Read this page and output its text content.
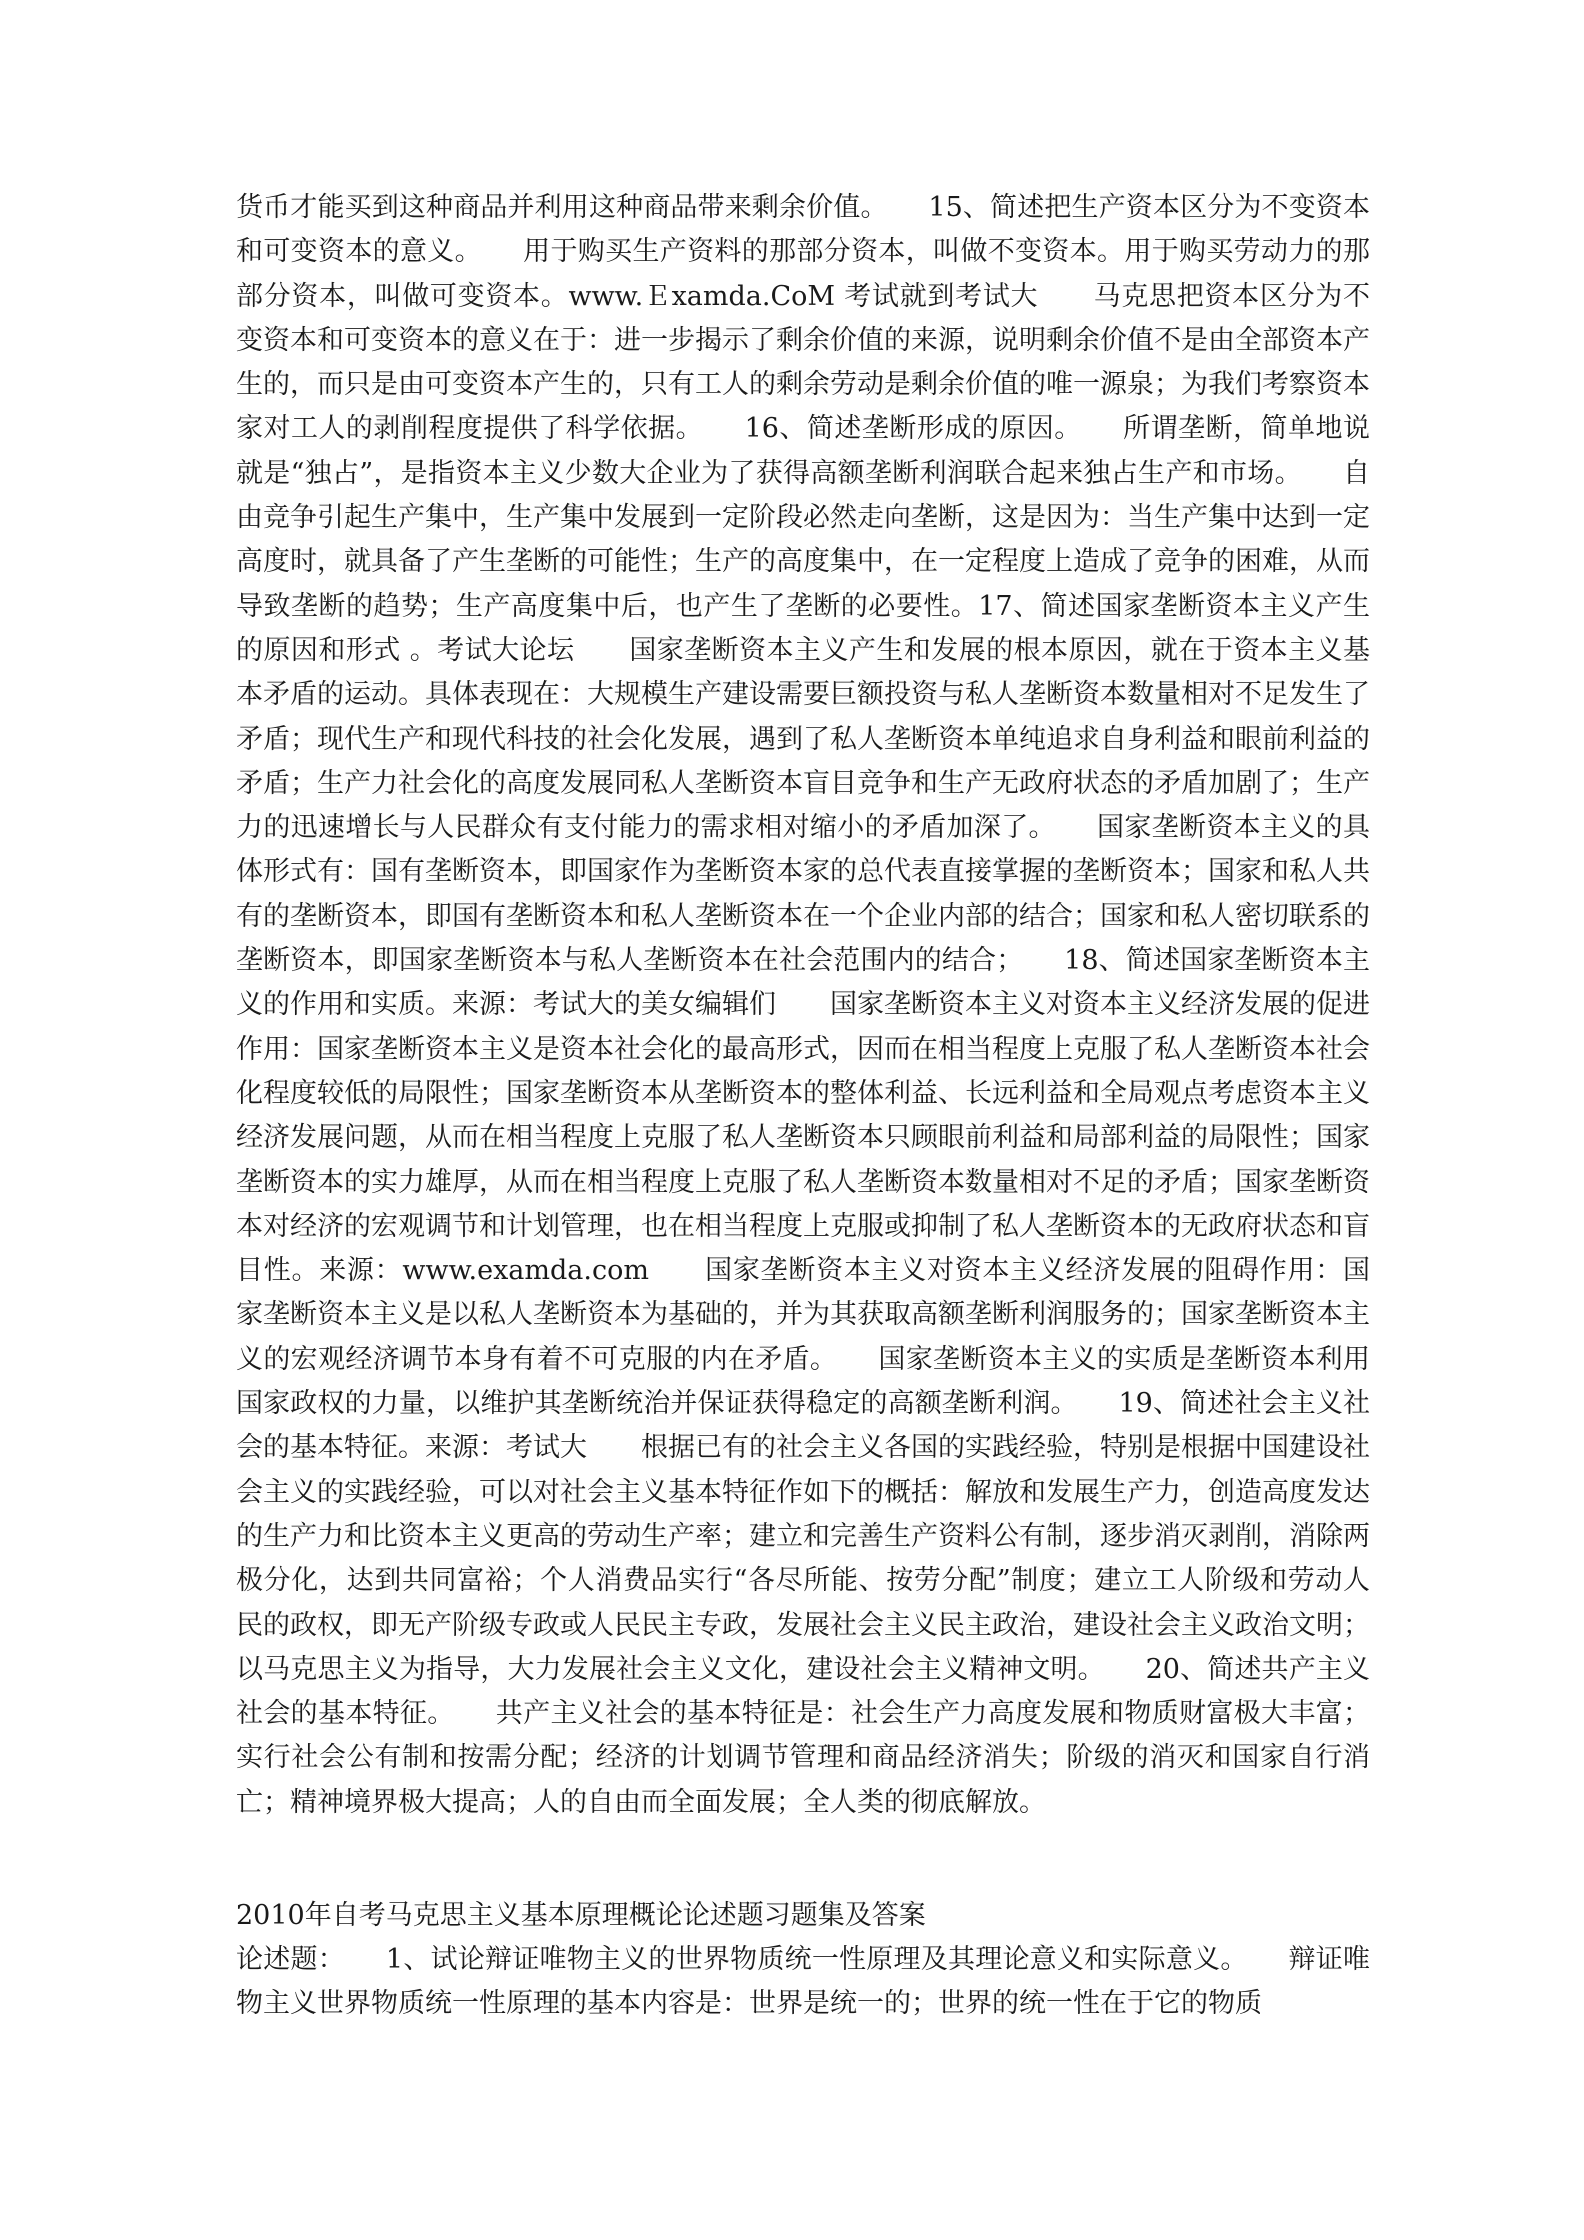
货币才能买到这种商品并利用这种商品带来剩余价值。　　15、简述把生产资本区分为不变资本和可变资本的意义。　　用于购买生产资料的那部分资本，叫做不变资本。用于购买劳动力的那部分资本，叫做可变资本。www.Ｅxamda.CoM 考试就到考试大　　马克思把资本区分为不变资本和可变资本的意义在于：进一步揭示了剩余价值的来源，说明剩余价值不是由全部资本产生的，而只是由可变资本产生的，只有工人的剩余劳动是剩余价值的唯一源泉；为我们考察资本家对工人的剥削程度提供了科学依据。　　16、简述垄断形成的原因。　　所谓垄断，简单地说就是“独占”，是指资本主义少数大企业为了获得高额垄断利润联合起来独占生产和市场。　　自由竞争引起生产集中，生产集中发展到一定阶段必然走向垄断，这是因为：当生产集中达到一定高度时，就具备了产生垄断的可能性；生产的高度集中，在一定程度上造成了竞争的困难，从而导致垄断的趋势；生产高度集中后，也产生了垄断的必要性。17、简述国家垄断资本主义产生的原因和形式 。考试大论坛　　国家垄断资本主义产生和发展的根本原因，就在于资本主义基本矛盾的运动。具体表现在：大规模生产建设需要巨额投资与私人垄断资本数量相对不足发生了矛盾；现代生产和现代科技的社会化发展，遇到了私人垄断资本单纯追求自身利益和眼前利益的矛盾；生产力社会化的高度发展同私人垄断资本盲目竞争和生产无政府状态的矛盾加剧了；生产力的迅速增长与人民群众有支付能力的需求相对缩小的矛盾加深了。　　国家垄断资本主义的具体形式有：国有垄断资本，即国家作为垄断资本家的总代表直接掌握的垄断资本；国家和私人共有的垄断资本，即国有垄断资本和私人垄断资本在一个企业内部的结合；国家和私人密切联系的垄断资本，即国家垄断资本与私人垄断资本在社会范围内的结合；　　18、简述国家垄断资本主义的作用和实质。来源：考试大的美女编辑们　　国家垄断资本主义对资本主义经济发展的促进作用：国家垄断资本主义是资本社会化的最高形式，因而在相当程度上克服了私人垄断资本社会化程度较低的局限性；国家垄断资本从垄断资本的整体利益、长远利益和全局观点考虑资本主义经济发展问题，从而在相当程度上克服了私人垄断资本只顾眼前利益和局部利益的局限性；国家垄断资本的实力雄厚，从而在相当程度上克服了私人垄断资本数量相对不足的矛盾；国家垄断资本对经济的宏观调节和计划管理，也在相当程度上克服或抑制了私人垄断资本的无政府状态和盲目性。来源：www.examda.com　　国家垄断资本主义对资本主义经济发展的阻碍作用：国家垄断资本主义是以私人垄断资本为基础的，并为其获取高额垄断利润服务的；国家垄断资本主义的宏观经济调节本身有着不可克服的内在矛盾。　　国家垄断资本主义的实质是垄断资本利用国家政权的力量，以维护其垄断统治并保证获得稳定的高额垄断利润。　　19、简述社会主义社会的基本特征。来源：考试大　　根据已有的社会主义各国的实践经验，特别是根据中国建设社会主义的实践经验，可以对社会主义基本特征作如下的概括：解放和发展生产力，创造高度发达的生产力和比资本主义更高的劳动生产率；建立和完善生产资料公有制，逐步消灭剥削，消除两极分化，达到共同富裕；个人消费品实行“各尽所能、按劳分配”制度；建立工人阶级和劳动人民的政权，即无产阶级专政或人民民主专政，发展社会主义民主政治，建设社会主义政治文明；以马克思主义为指导，大力发展社会主义文化，建设社会主义精神文明。　　20、简述共产主义社会的基本特征。　　共产主义社会的基本特征是：社会生产力高度发展和物质财富极大丰富；实行社会公有制和按需分配；经济的计划调节管理和商品经济消失；阶级的消灭和国家自行消亡；精神境界极大提高；人的自由而全面发展；全人类的彻底解放。

2010年自考马克思主义基本原理概论论述题习题集及答案

论述题：　　1、试论辩证唯物主义的世界物质统一性原理及其理论意义和实际意义。　　辩证唯物主义世界物质统一性原理的基本内容是：世界是统一的；世界的统一性在于它的物质
